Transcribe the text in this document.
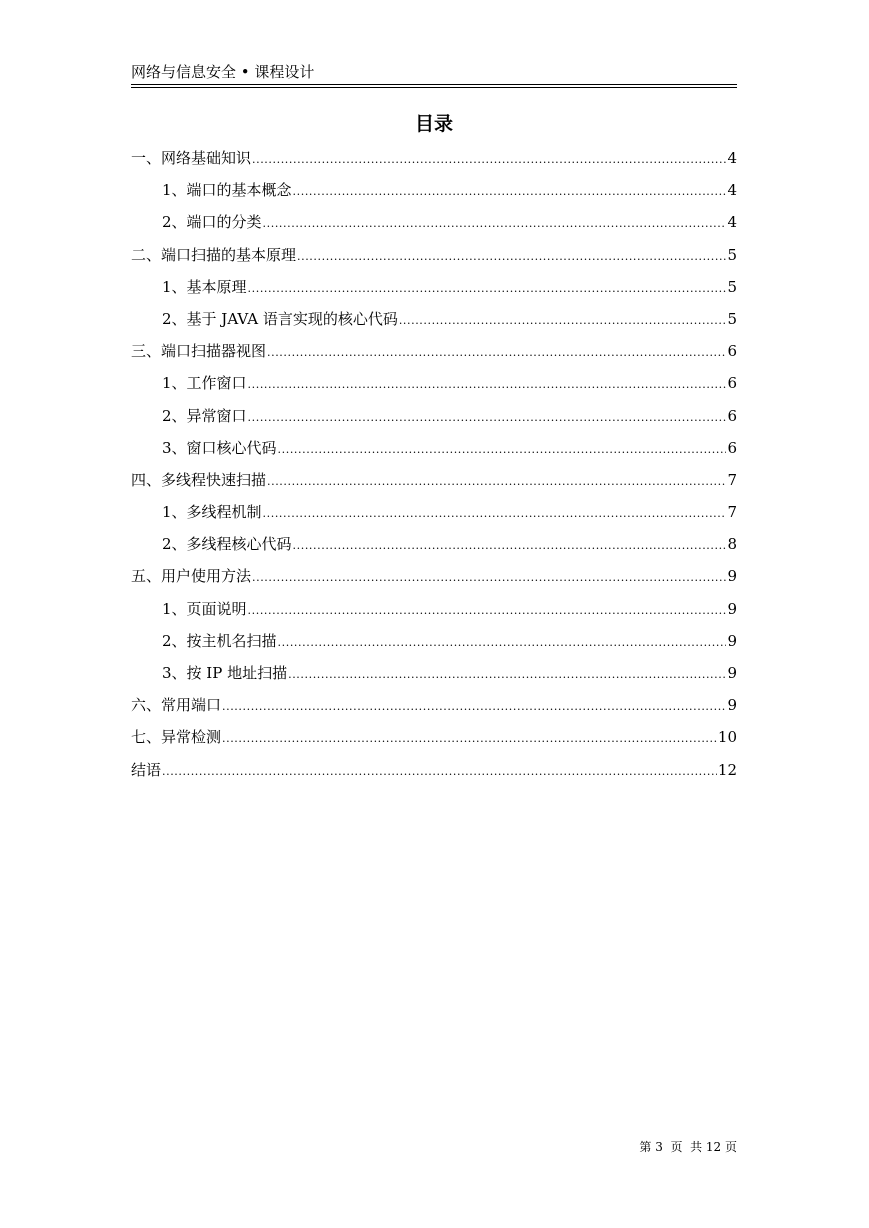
网络与信息安全 • 课程设计
目录
一、网络基础知识 .....	4
1、端口的基本概念 .....	4
2、端口的分类 .....	4
二、端口扫描的基本原理 .....	5
1、基本原理 .....	5
2、基于 JAVA 语言实现的核心代码 .....	5
三、端口扫描器视图 .....	6
1、工作窗口 .....	6
2、异常窗口 .....	6
3、窗口核心代码 .....	6
四、多线程快速扫描 .....	7
1、多线程机制 .....	7
2、多线程核心代码 .....	8
五、用户使用方法 .....	9
1、页面说明 .....	9
2、按主机名扫描 .....	9
3、按 IP 地址扫描 .....	9
六、常用端口 .....	9
七、异常检测 .....	10
结语 .....	12
第 3  页  共 12 页
